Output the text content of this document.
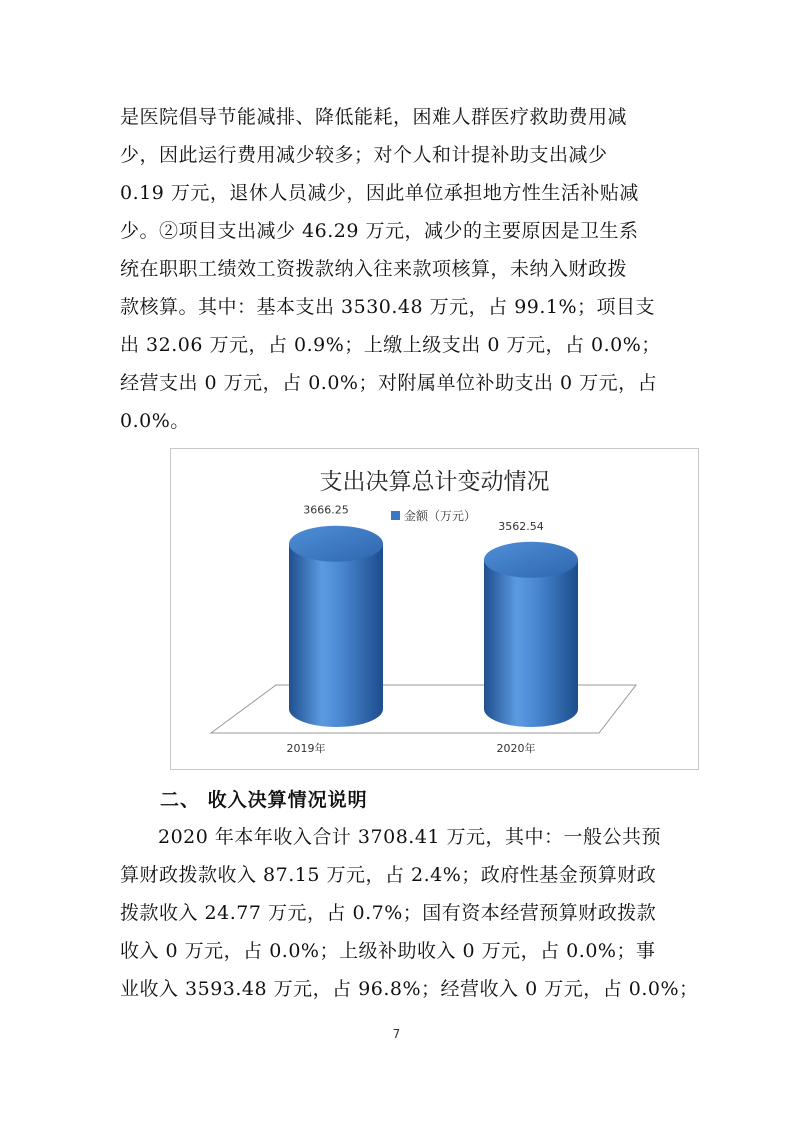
是医院倡导节能减排、降低能耗，困难人群医疗救助费用减
少，因此运行费用减少较多；对个人和计提补助支出减少
0.19 万元，退休人员减少，因此单位承担地方性生活补贴减
少。②项目支出减少 46.29 万元，减少的主要原因是卫生系
统在职职工绩效工资拨款纳入往来款项核算，未纳入财政拨
款核算。其中：基本支出 3530.48 万元，占 99.1%；项目支
出 32.06 万元，占 0.9%；上缴上级支出 0 万元，占 0.0%；
经营支出 0 万元，占 0.0%；对附属单位补助支出 0 万元，占
0.0%。
支出决算总计变动情况
金额（万元）
3666.25
2019年
3562.54
2020年
二、 收入决算情况说明
2020 年本年收入合计 3708.41 万元，其中：一般公共预
算财政拨款收入 87.15 万元，占 2.4%；政府性基金预算财政
拨款收入 24.77 万元，占 0.7%；国有资本经营预算财政拨款
收入 0 万元，占 0.0%；上级补助收入 0 万元，占 0.0%；事
业收入 3593.48 万元，占 96.8%；经营收入 0 万元，占 0.0%；
7
